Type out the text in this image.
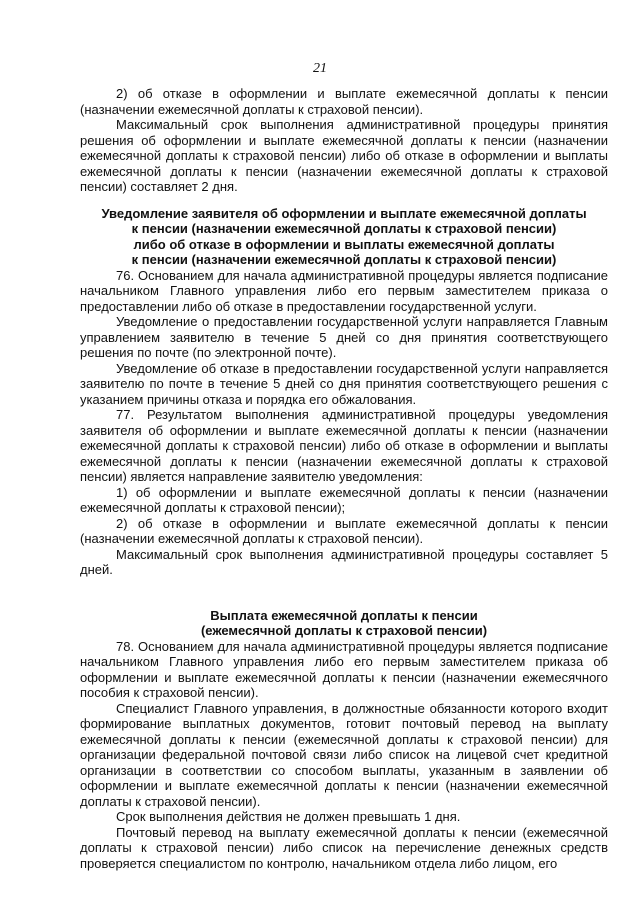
21

2) об отказе в оформлении и выплате ежемесячной доплаты к пенсии (назначении ежемесячной доплаты к страховой пенсии).

Максимальный срок выполнения административной процедуры принятия решения об оформлении и выплате ежемесячной доплаты к пенсии (назначении ежемесячной доплаты к страховой пенсии) либо об отказе в оформлении и выплаты ежемесячной доплаты к пенсии (назначении ежемесячной доплаты к страховой пенсии) составляет 2 дня.

Уведомление заявителя об оформлении и выплате ежемесячной доплаты

к пенсии (назначении ежемесячной доплаты к страховой пенсии)

либо об отказе в оформлении и выплаты ежемесячной доплаты

к пенсии (назначении ежемесячной доплаты к страховой пенсии)

76. Основанием для начала административной процедуры является подписание начальником Главного управления либо его первым заместителем приказа о предоставлении либо об отказе в предоставлении государственной услуги.

Уведомление о предоставлении государственной услуги направляется Главным управлением заявителю в течение 5 дней со дня принятия соответствующего решения по почте (по электронной почте).

Уведомление об отказе в предоставлении государственной услуги направляется заявителю по почте в течение 5 дней со дня принятия соответствующего решения с указанием причины отказа и порядка его обжалования.

77. Результатом выполнения административной процедуры уведомления заявителя об оформлении и выплате ежемесячной доплаты к пенсии (назначении ежемесячной доплаты к страховой пенсии) либо об отказе в оформлении и выплаты ежемесячной доплаты к пенсии (назначении ежемесячной доплаты к страховой пенсии) является направление заявителю уведомления:

1) об оформлении и выплате ежемесячной доплаты к пенсии (назначении ежемесячной доплаты к страховой пенсии);

2) об отказе в оформлении и выплате ежемесячной доплаты к пенсии (назначении ежемесячной доплаты к страховой пенсии).

Максимальный срок выполнения административной процедуры составляет 5 дней.

Выплата ежемесячной доплаты к пенсии

(ежемесячной доплаты к страховой пенсии)

78. Основанием для начала административной процедуры является подписание начальником Главного управления либо его первым заместителем приказа об оформлении и выплате ежемесячной доплаты к пенсии (назначении ежемесячного пособия к страховой пенсии).

Специалист Главного управления, в должностные обязанности которого входит формирование выплатных документов, готовит почтовый перевод на выплату ежемесячной доплаты к пенсии (ежемесячной доплаты к страховой пенсии) для организации федеральной почтовой связи либо список на лицевой счет кредитной организации в соответствии со способом выплаты, указанным в заявлении об оформлении и выплате ежемесячной доплаты к пенсии (назначении ежемесячной доплаты к страховой пенсии).

Срок выполнения действия не должен превышать 1 дня.

Почтовый перевод на выплату ежемесячной доплаты к пенсии (ежемесячной доплаты к страховой пенсии) либо список на перечисление денежных средств проверяется специалистом по контролю, начальником отдела либо лицом, его
